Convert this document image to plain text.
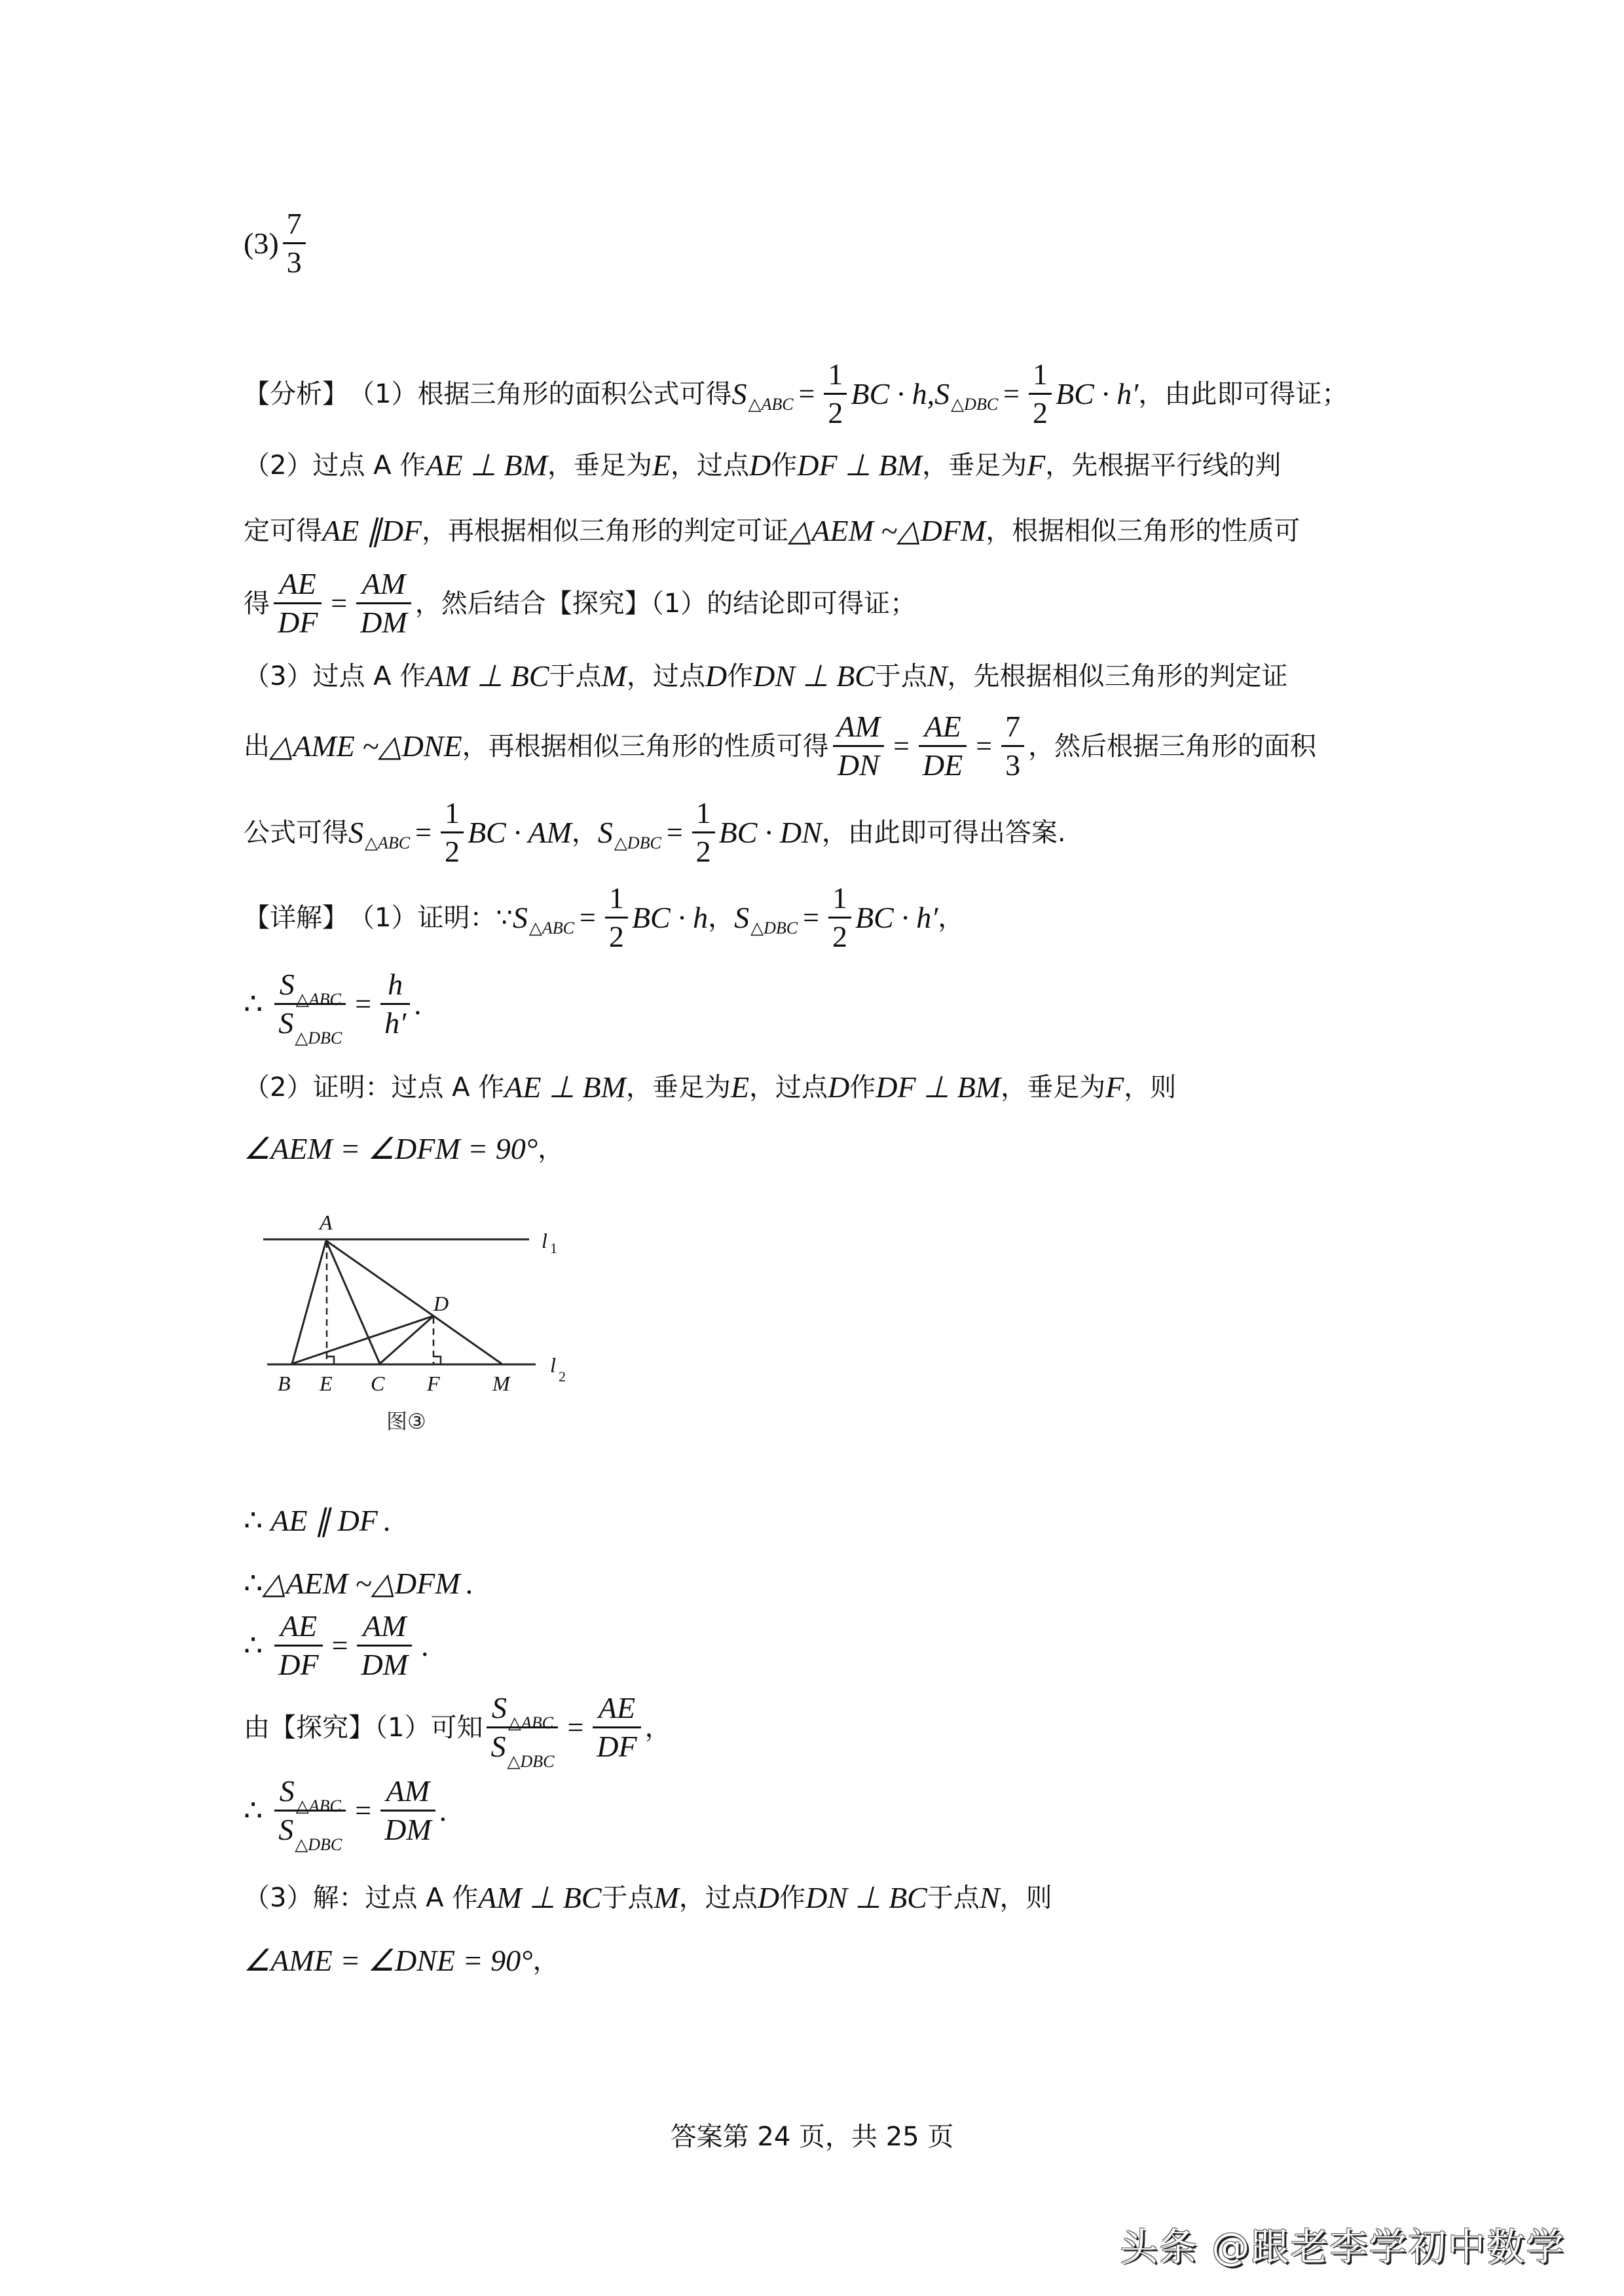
$(3) \frac{7}{3}$
【分析】 （1）根据三角形的面积公式可得 S △ABC = $\frac{1}{2}$ BC · h, S △DBC = $\frac{1}{2}$ BC · h′ ，由此即可得证；
（2）过点 A 作 AE ⊥ BM ，垂足为 E ，过点 D 作 DF ⊥ BM ，垂足为 F ，先根据平行线的判
定可得 AE ∥DF ，再根据相似三角形的判定可证 △AEM ~△DFM ，根据相似三角形的性质可
得 $\frac{AE}{DF} = \frac{AM}{DM}$ ，然后结合【探究】（1）的结论即可得证；
（3）过点 A 作 AM ⊥ BC 于点 M ，过点 D 作 DN ⊥ BC 于点 N ，先根据相似三角形的判定证
出 △AME ~△DNE ，再根据相似三角形的性质可得 $\frac{AM}{DN} = \frac{AE}{DE} = \frac{7}{3}$ ，然后根据三角形的面积
公式可得 S △ABC = $\frac{1}{2}$ BC · AM ， S △DBC = $\frac{1}{2}$ BC · DN ，由此即可得出答案.
【详解】 （1）证明：∵ S △ABC = $\frac{1}{2}$ BC · h ， S △DBC = $\frac{1}{2}$ BC · h′ ，
∴ $\frac{S_{\triangle ABC}}{S_{\triangle DBC}} = \frac{h}{h'}$ .
（2）证明：过点 A 作 AE ⊥ BM ，垂足为 E ，过点 D 作 DF ⊥ BM ，垂足为 F ，则
∠AEM = ∠DFM = 90° ，
A
D
B E C F	M
l 1
l 2
图③
∴ AE ∥ DF .
∴ △AEM ~△DFM .
∴ $\frac{AE}{DF} = \frac{AM}{DM}$ .
由【探究】（1）可知 $\frac{S_{\triangle ABC}}{S_{\triangle DBC}} = \frac{AE}{DF}$ ，
∴ $\frac{S_{\triangle ABC}}{S_{\triangle DBC}} = \frac{AM}{DM}$ .
（3）解：过点 A 作 AM ⊥ BC 于点 M ，过点 D 作 DN ⊥ BC 于点 N ，则
∠AME = ∠DNE = 90° ，
答案第 24 页，共 25 页
头条 @跟老李学初中数学
